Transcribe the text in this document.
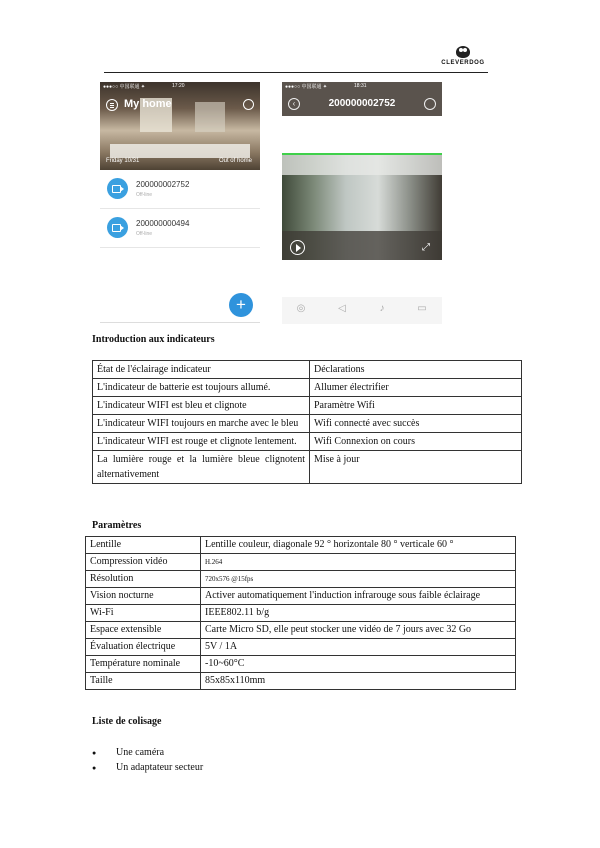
CLEVERDOG
●●●○○ 中国联通 ✦	17:20
My home
Friday 10/31	Out of home
200000002752
Off-line
200000000494
Off-line
+
●●●○○ 中国联通 ✦	18:31
‹	200000002752
⤢
◎	◁	♪	▭
Introduction aux indicateurs
État de l'éclairage indicateur	Déclarations
L'indicateur de batterie est toujours allumé.	Allumer électrifier
L'indicateur WIFI est bleu et clignote	Paramètre Wifi
L'indicateur WIFI toujours en marche avec le bleu	Wifi connecté avec succès
L'indicateur WIFI est rouge et clignote lentement.	Wifi Connexion on cours
La lumière rouge et la lumière bleue clignotent alternativement	Mise à jour
Paramètres
Lentille	Lentille couleur, diagonale 92 ° horizontale 80 ° verticale 60 °
Compression vidéo	H.264
Résolution	720x576 @15fps
Vision nocturne	Activer automatiquement l'induction infrarouge sous faible éclairage
Wi-Fi	IEEE802.11 b/g
Espace extensible	Carte Micro SD, elle peut stocker une vidéo de 7 jours avec 32 Go
Évaluation électrique	5V / 1A
Température nominale	-10~60°C
Taille	85x85x110mm
Liste de colisage
● Une caméra
● Un adaptateur secteur
